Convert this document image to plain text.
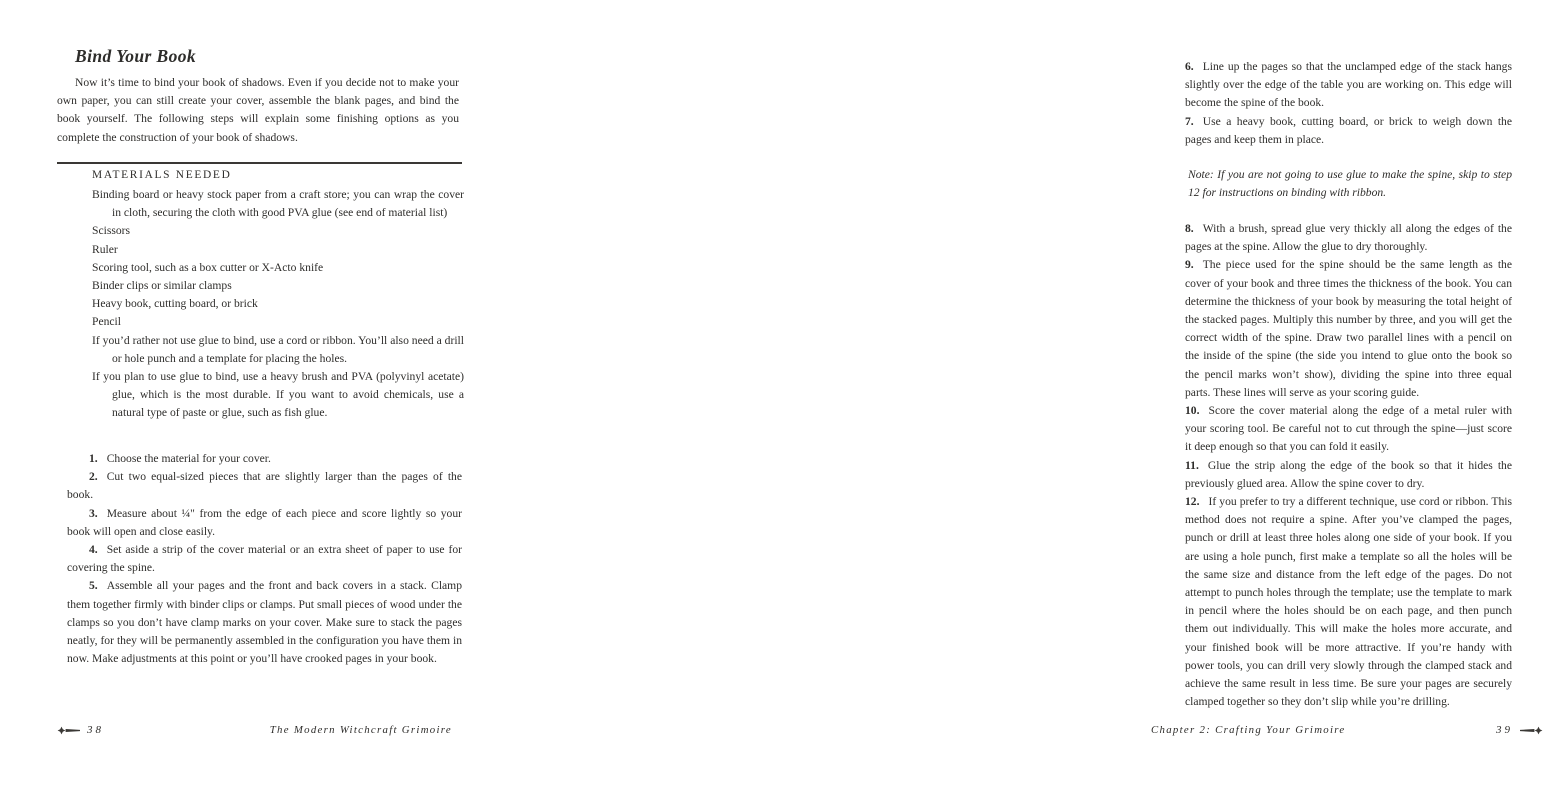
Bind Your Book

Now it’s time to bind your book of shadows. Even if you decide not to make your own paper, you can still create your cover, assemble the blank pages, and bind the book yourself. The following steps will explain some finishing options as you complete the construction of your book of shadows.

MATERIALS NEEDED
Binding board or heavy stock paper from a craft store; you can wrap the cover in cloth, securing the cloth with good PVA glue (see end of material list)
Scissors
Ruler
Scoring tool, such as a box cutter or X-Acto knife
Binder clips or similar clamps
Heavy book, cutting board, or brick
Pencil
If you’d rather not use glue to bind, use a cord or ribbon. You’ll also need a drill or hole punch and a template for placing the holes.
If you plan to use glue to bind, use a heavy brush and PVA (polyvinyl acetate) glue, which is the most durable. If you want to avoid chemicals, use a natural type of paste or glue, such as fish glue.

1. Choose the material for your cover.

2. Cut two equal-sized pieces that are slightly larger than the pages of the book.

3. Measure about ¼" from the edge of each piece and score lightly so your book will open and close easily.

4. Set aside a strip of the cover material or an extra sheet of paper to use for covering the spine.

5. Assemble all your pages and the front and back covers in a stack. Clamp them together firmly with binder clips or clamps. Put small pieces of wood under the clamps so you don’t have clamp marks on your cover. Make sure to stack the pages neatly, for they will be permanently assembled in the configuration you have them in now. Make adjustments at this point or you’ll have crooked pages in your book.

38	The Modern Witchcraft Grimoire

6. Line up the pages so that the unclamped edge of the stack hangs slightly over the edge of the table you are working on. This edge will become the spine of the book.

7. Use a heavy book, cutting board, or brick to weigh down the pages and keep them in place.

Note: If you are not going to use glue to make the spine, skip to step 12 for instructions on binding with ribbon.

8. With a brush, spread glue very thickly all along the edges of the pages at the spine. Allow the glue to dry thoroughly.

9. The piece used for the spine should be the same length as the cover of your book and three times the thickness of the book. You can determine the thickness of your book by measuring the total height of the stacked pages. Multiply this number by three, and you will get the correct width of the spine. Draw two parallel lines with a pencil on the inside of the spine (the side you intend to glue onto the book so the pencil marks won’t show), dividing the spine into three equal parts. These lines will serve as your scoring guide.

10. Score the cover material along the edge of a metal ruler with your scoring tool. Be careful not to cut through the spine—just score it deep enough so that you can fold it easily.

11. Glue the strip along the edge of the book so that it hides the previously glued area. Allow the spine cover to dry.

12. If you prefer to try a different technique, use cord or ribbon. This method does not require a spine. After you’ve clamped the pages, punch or drill at least three holes along one side of your book. If you are using a hole punch, first make a template so all the holes will be the same size and distance from the left edge of the pages. Do not attempt to punch holes through the template; use the template to mark in pencil where the holes should be on each page, and then punch them out individually. This will make the holes more accurate, and your finished book will be more attractive. If you’re handy with power tools, you can drill very slowly through the clamped stack and achieve the same result in less time. Be sure your pages are securely clamped together so they don’t slip while you’re drilling.

Chapter 2: Crafting Your Grimoire	39
